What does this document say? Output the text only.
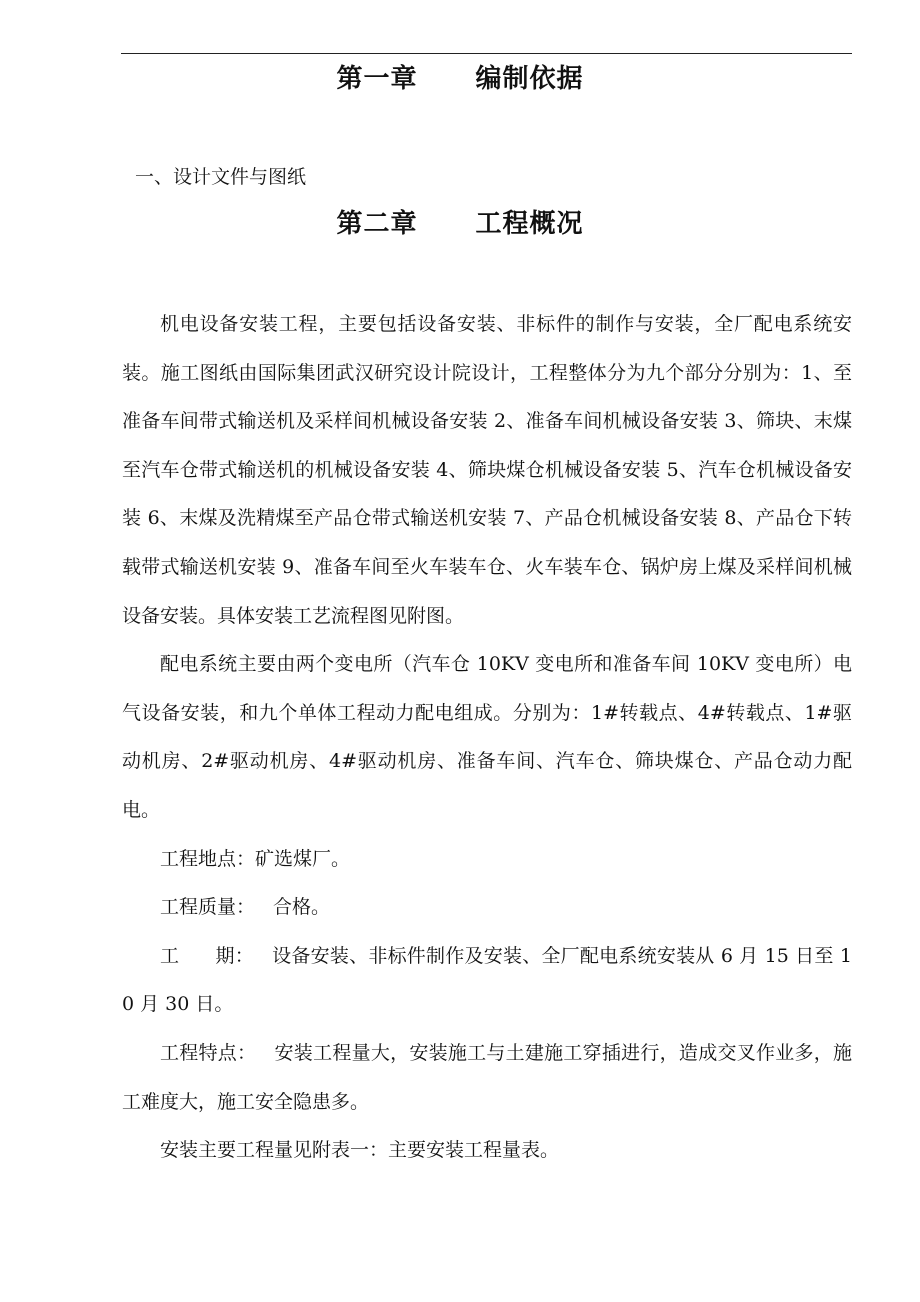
第一章 编制依据
一、设计文件与图纸
第二章 工程概况

机电设备安装工程，主要包括设备安装、非标件的制作与安装，全厂配电系统安装。施工图纸由国际集团武汉研究设计院设计，工程整体分为九个部分分别为：1、至准备车间带式输送机及采样间机械设备安装 2、准备车间机械设备安装 3、筛块、末煤至汽车仓带式输送机的机械设备安装 4、筛块煤仓机械设备安装 5、汽车仓机械设备安装 6、末煤及洗精煤至产品仓带式输送机安装 7、产品仓机械设备安装 8、产品仓下转载带式输送机安装 9、准备车间至火车装车仓、火车装车仓、锅炉房上煤及采样间机械设备安装。具体安装工艺流程图见附图。

配电系统主要由两个变电所（汽车仓 10KV 变电所和准备车间 10KV 变电所）电气设备安装，和九个单体工程动力配电组成。分别为：1#转载点、4#转载点、1#驱动机房、2#驱动机房、4#驱动机房、准备车间、汽车仓、筛块煤仓、产品仓动力配电。

工程地点：矿选煤厂。

工程质量： 合格。

工 期： 设备安装、非标件制作及安装、全厂配电系统安装从 6 月 15 日至 10 月 30 日。

工程特点： 安装工程量大，安装施工与土建施工穿插进行，造成交叉作业多，施工难度大，施工安全隐患多。

安装主要工程量见附表一：主要安装工程量表。
